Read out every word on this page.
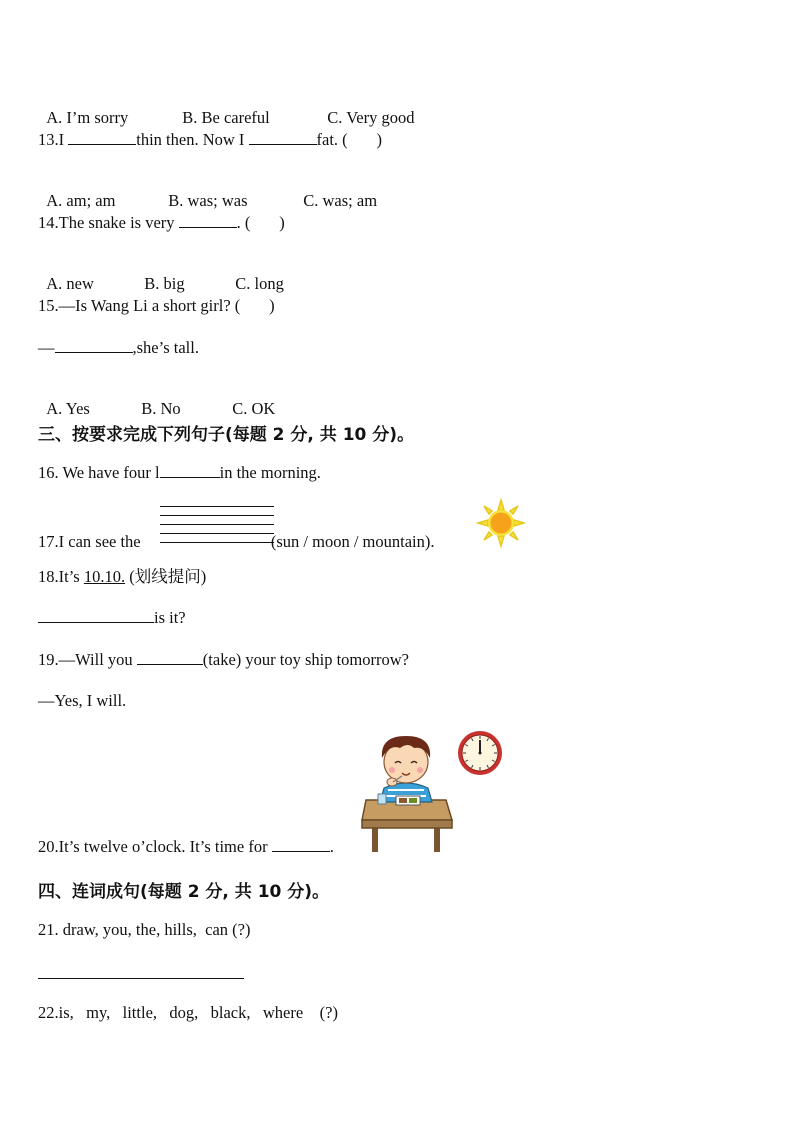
A. I’m sorry	B. Be careful	C. Very good

13.I	thin then. Now I	fat. (       )

A. am; am	B. was; was	C. was; am

14.The snake is very	. (       )

A. new	B. big	C. long

15.—Is Wang Li a short girl? (       )
—	,she’s tall.

A. Yes	B. No	C. OK

三、按要求完成下列句子(每题 2 分, 共 10 分)。
16. We have four l	in the morning.
17.I can see the	(sun / moon / mountain).
18.It’s 10.10. (划线提问)
is it?
19.—Will you	(take) your toy ship tomorrow?
—Yes, I will.
20.It’s twelve o’clock. It’s time for	.
四、连词成句(每题 2 分, 共 10 分)。
21. draw, you, the, hills,  can (?)
22.is,   my,   little,   dog,   black,   where    (?)
